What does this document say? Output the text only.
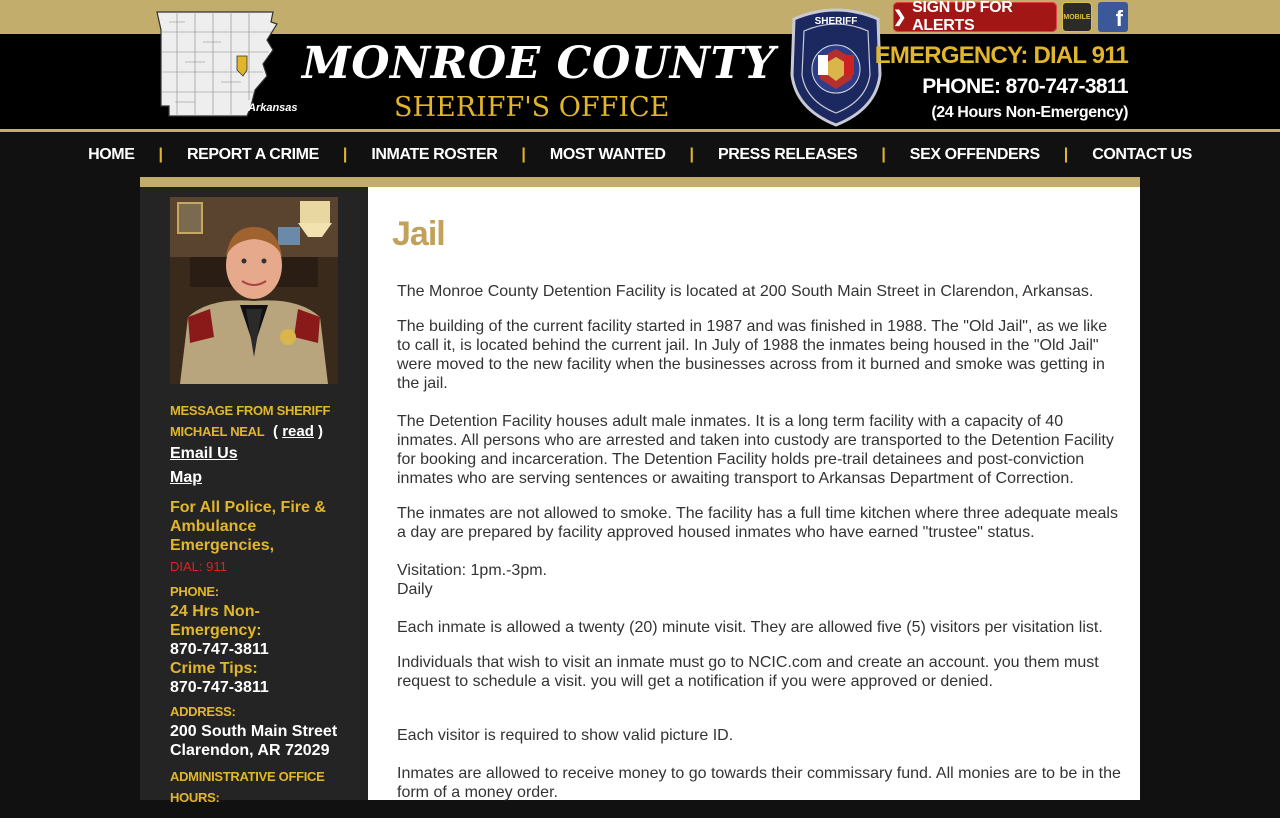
Arkansas
MONROE COUNTY
SHERIFF'S OFFICE
SHERIFF ❯
SIGN UP FOR ALERTS	MOBILE f
EMERGENCY: DIAL 911
PHONE: 870-747-3811
(24 Hours Non-Emergency)
HOME	|	REPORT A CRIME	|	INMATE ROSTER	|	MOST WANTED	|	PRESS RELEASES	|	SEX OFFENDERS	|	CONTACT US
MESSAGE FROM SHERIFF
MICHAEL NEAL ( read )
Email Us
Map
For All Police, Fire &
Ambulance
Emergencies,
DIAL: 911
PHONE:
24 Hrs Non-
Emergency:
870-747-3811
Crime Tips:
870-747-3811
ADDRESS:
200 South Main Street
Clarendon, AR 72029
ADMINISTRATIVE OFFICE
HOURS:
Jail

The Monroe County Detention Facility is located at 200 South Main Street in Clarendon, Arkansas.

The building of the current facility started in 1987 and was finished in 1988. The "Old Jail", as we like to call it, is located behind the current jail. In July of 1988 the inmates being housed in the "Old Jail" were moved to the new facility when the businesses across from it burned and smoke was getting in the jail.

The Detention Facility houses adult male inmates. It is a long term facility with a capacity of 40 inmates. All persons who are arrested and taken into custody are transported to the Detention Facility for booking and incarceration. The Detention Facility holds pre-trail detainees and post-conviction inmates who are serving sentences or awaiting transport to Arkansas Department of Correction.

The inmates are not allowed to smoke. The facility has a full time kitchen where three adequate meals a day are prepared by facility approved housed inmates who have earned "trustee" status.

Visitation: 1pm.-3pm.

Daily

Each inmate is allowed a twenty (20) minute visit. They are allowed five (5) visitors per visitation list.

Individuals that wish to visit an inmate must go to NCIC.com and create an account. you them must request to schedule a visit. you will get a notification if you were approved or denied.

Each visitor is required to show valid picture ID.

Inmates are allowed to receive money to go towards their commissary fund. All monies are to be in the form of a money order.
